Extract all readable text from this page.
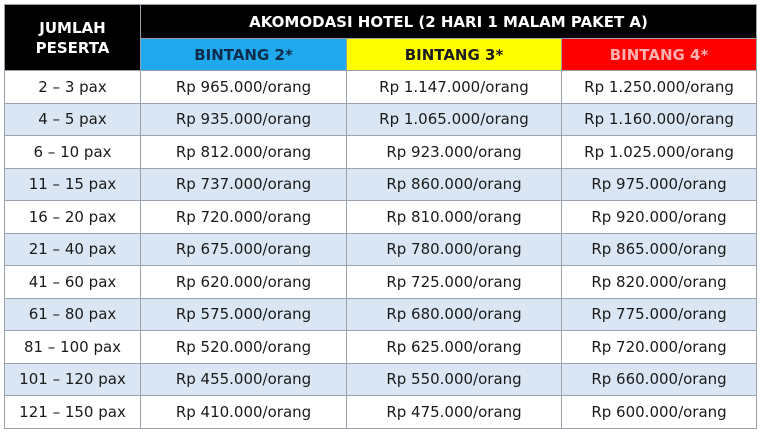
JUMLAH PESERTA	AKOMODASI HOTEL (2 HARI 1 MALAM PAKET A)		
	BINTANG 2*	BINTANG 3*	BINTANG 4*
2 – 3 pax	Rp 965.000/orang	Rp 1.147.000/orang	Rp 1.250.000/orang
4 – 5 pax	Rp 935.000/orang	Rp 1.065.000/orang	Rp 1.160.000/orang
6 – 10 pax	Rp 812.000/orang	Rp 923.000/orang	Rp 1.025.000/orang
11 – 15 pax	Rp 737.000/orang	Rp 860.000/orang	Rp 975.000/orang
16 – 20 pax	Rp 720.000/orang	Rp 810.000/orang	Rp 920.000/orang
21 – 40 pax	Rp 675.000/orang	Rp 780.000/orang	Rp 865.000/orang
41 – 60 pax	Rp 620.000/orang	Rp 725.000/orang	Rp 820.000/orang
61 – 80 pax	Rp 575.000/orang	Rp 680.000/orang	Rp 775.000/orang
81 – 100 pax	Rp 520.000/orang	Rp 625.000/orang	Rp 720.000/orang
101 – 120 pax	Rp 455.000/orang	Rp 550.000/orang	Rp 660.000/orang
121 – 150 pax	Rp 410.000/orang	Rp 475.000/orang	Rp 600.000/orang
